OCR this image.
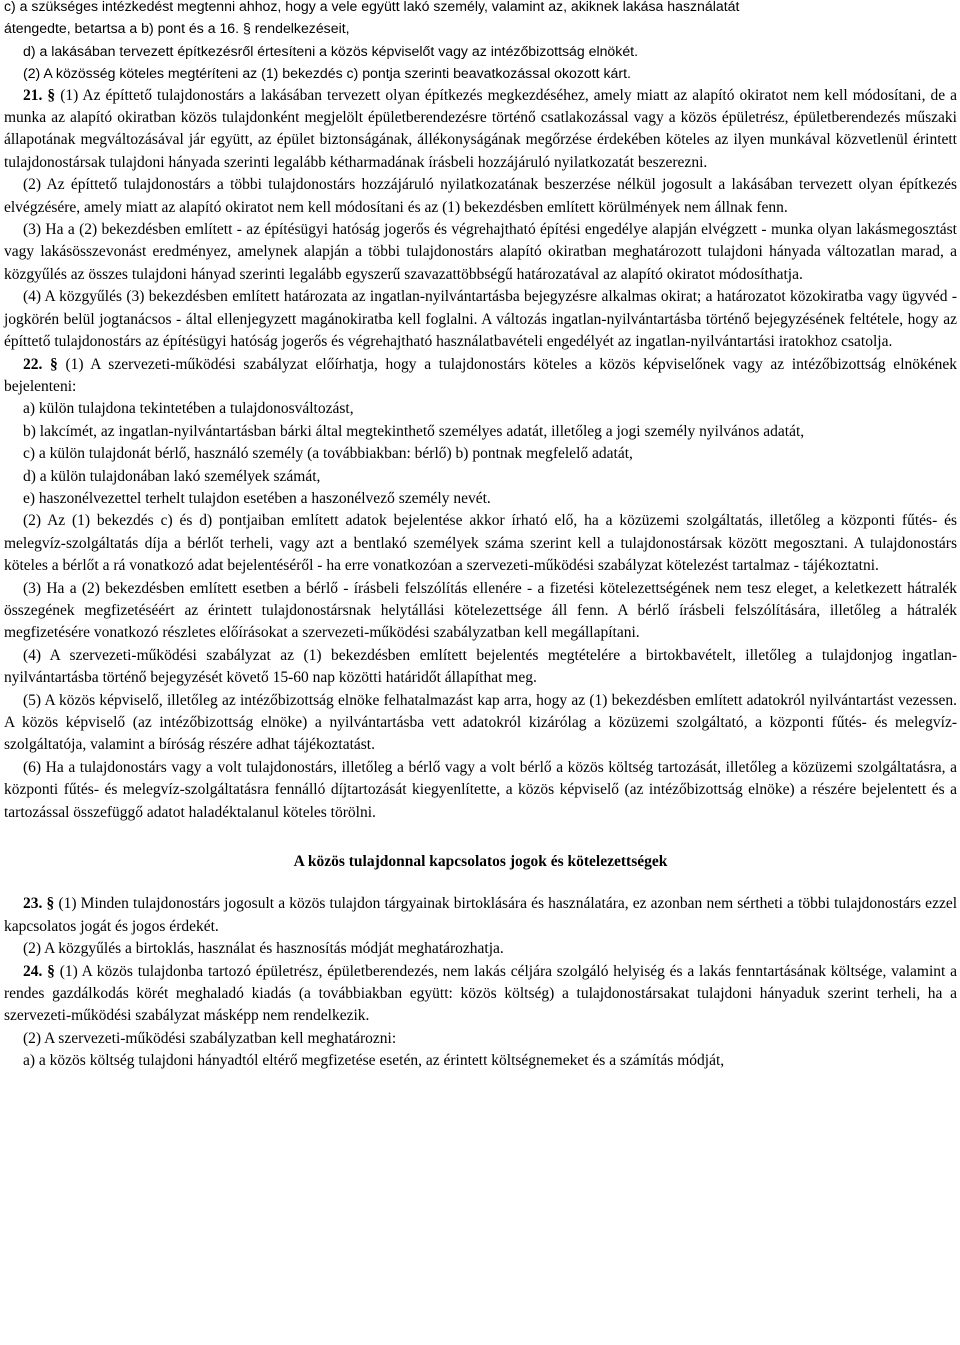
c) a szükséges intézkedést megtenni ahhoz, hogy a vele együtt lakó személy, valamint az, akiknek lakása használatát

átengedte, betartsa a b) pont és a 16. § rendelkezéseit,

d) a lakásában tervezett építkezésről értesíteni a közös képviselőt vagy az intézőbizottság elnökét.

(2) A közösség köteles megtéríteni az (1) bekezdés c) pontja szerinti beavatkozással okozott kárt.

21. § (1) Az építtető tulajdonostárs a lakásában tervezett olyan építkezés megkezdéséhez, amely miatt az alapító okiratot nem kell módosítani, de a munka az alapító okiratban közös tulajdonként megjelölt épületberendezésre történő csatlakozással vagy a közös épületrész, épületberendezés műszaki állapotának megváltozásával jár együtt, az épület biztonságának, állékonyságának megőrzése érdekében köteles az ilyen munkával közvetlenül érintett tulajdonostársak tulajdoni hányada szerinti legalább kétharmadának írásbeli hozzájáruló nyilatkozatát beszerezni.

(2) Az építtető tulajdonostárs a többi tulajdonostárs hozzájáruló nyilatkozatának beszerzése nélkül jogosult a lakásában tervezett olyan építkezés elvégzésére, amely miatt az alapító okiratot nem kell módosítani és az (1) bekezdésben említett körülmények nem állnak fenn.

(3) Ha a (2) bekezdésben említett - az építésügyi hatóság jogerős és végrehajtható építési engedélye alapján elvégzett - munka olyan lakásmegosztást vagy lakásösszevonást eredményez, amelynek alapján a többi tulajdonostárs alapító okiratban meghatározott tulajdoni hányada változatlan marad, a közgyűlés az összes tulajdoni hányad szerinti legalább egyszerű szavazattöbbségű határozatával az alapító okiratot módosíthatja.

(4) A közgyűlés (3) bekezdésben említett határozata az ingatlan-nyilvántartásba bejegyzésre alkalmas okirat; a határozatot közokiratba vagy ügyvéd - jogkörén belül jogtanácsos - által ellenjegyzett magánokiratba kell foglalni. A változás ingatlan-nyilvántartásba történő bejegyzésének feltétele, hogy az építtető tulajdonostárs az építésügyi hatóság jogerős és végrehajtható használatbavételi engedélyét az ingatlan-nyilvántartási iratokhoz csatolja.

22. § (1) A szervezeti-működési szabályzat előírhatja, hogy a tulajdonostárs köteles a közös képviselőnek vagy az intézőbizottság elnökének bejelenteni:

a) külön tulajdona tekintetében a tulajdonosváltozást,

b) lakcímét, az ingatlan-nyilvántartásban bárki által megtekinthető személyes adatát, illetőleg a jogi személy nyilvános adatát,

c) a külön tulajdonát bérlő, használó személy (a továbbiakban: bérlő) b) pontnak megfelelő adatát,

d) a külön tulajdonában lakó személyek számát,

e) haszonélvezettel terhelt tulajdon esetében a haszonélvező személy nevét.

(2) Az (1) bekezdés c) és d) pontjaiban említett adatok bejelentése akkor írható elő, ha a közüzemi szolgáltatás, illetőleg a központi fűtés- és melegvíz-szolgáltatás díja a bérlőt terheli, vagy azt a bentlakó személyek száma szerint kell a tulajdonostársak között megosztani. A tulajdonostárs köteles a bérlőt a rá vonatkozó adat bejelentéséről - ha erre vonatkozóan a szervezeti-működési szabályzat kötelezést tartalmaz - tájékoztatni.

(3) Ha a (2) bekezdésben említett esetben a bérlő - írásbeli felszólítás ellenére - a fizetési kötelezettségének nem tesz eleget, a keletkezett hátralék összegének megfizetéséért az érintett tulajdonostársnak helytállási kötelezettsége áll fenn. A bérlő írásbeli felszólítására, illetőleg a hátralék megfizetésére vonatkozó részletes előírásokat a szervezeti-működési szabályzatban kell megállapítani.

(4) A szervezeti-működési szabályzat az (1) bekezdésben említett bejelentés megtételére a birtokbavételt, illetőleg a tulajdonjog ingatlan-nyilvántartásba történő bejegyzését követő 15-60 nap közötti határidőt állapíthat meg.

(5) A közös képviselő, illetőleg az intézőbizottság elnöke felhatalmazást kap arra, hogy az (1) bekezdésben említett adatokról nyilvántartást vezessen. A közös képviselő (az intézőbizottság elnöke) a nyilvántartásba vett adatokról kizárólag a közüzemi szolgáltató, a központi fűtés- és melegvíz-szolgáltatója, valamint a bíróság részére adhat tájékoztatást.

(6) Ha a tulajdonostárs vagy a volt tulajdonostárs, illetőleg a bérlő vagy a volt bérlő a közös költség tartozását, illetőleg a közüzemi szolgáltatásra, a központi fűtés- és melegvíz-szolgáltatásra fennálló díjtartozását kiegyenlítette, a közös képviselő (az intézőbizottság elnöke) a részére bejelentett és a tartozással összefüggő adatot haladéktalanul köteles törölni.

A közös tulajdonnal kapcsolatos jogok és kötelezettségek

23. § (1) Minden tulajdonostárs jogosult a közös tulajdon tárgyainak birtoklására és használatára, ez azonban nem sértheti a többi tulajdonostárs ezzel kapcsolatos jogát és jogos érdekét.

(2) A közgyűlés a birtoklás, használat és hasznosítás módját meghatározhatja.

24. § (1) A közös tulajdonba tartozó épületrész, épületberendezés, nem lakás céljára szolgáló helyiség és a lakás fenntartásának költsége, valamint a rendes gazdálkodás körét meghaladó kiadás (a továbbiakban együtt: közös költség) a tulajdonostársakat tulajdoni hányaduk szerint terheli, ha a szervezeti-működési szabályzat másképp nem rendelkezik.

(2) A szervezeti-működési szabályzatban kell meghatározni:

a) a közös költség tulajdoni hányadtól eltérő megfizetése esetén, az érintett költségnemeket és a számítás módját,
